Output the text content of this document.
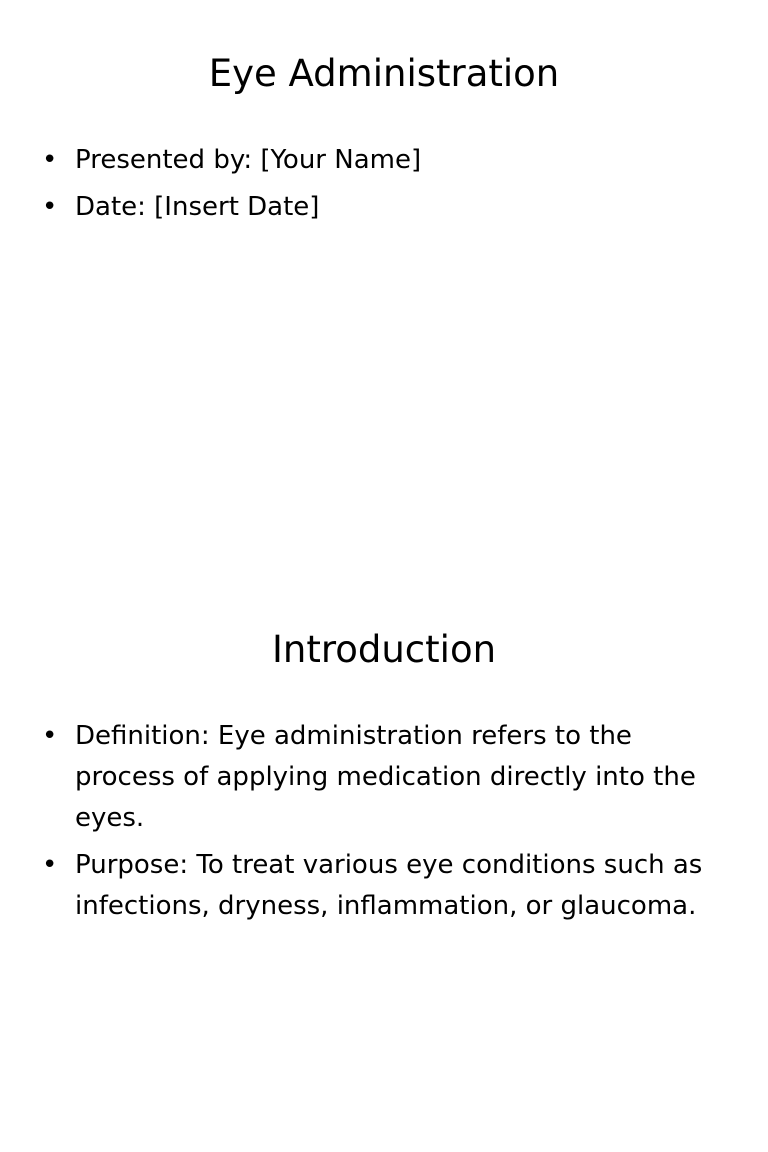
Eye Administration
• Presented by: [Your Name]
• Date: [Insert Date]
Introduction
• Definition: Eye administration refers to the process of applying medication directly into the eyes.
• Purpose: To treat various eye conditions such as infections, dryness, inflammation, or glaucoma.
